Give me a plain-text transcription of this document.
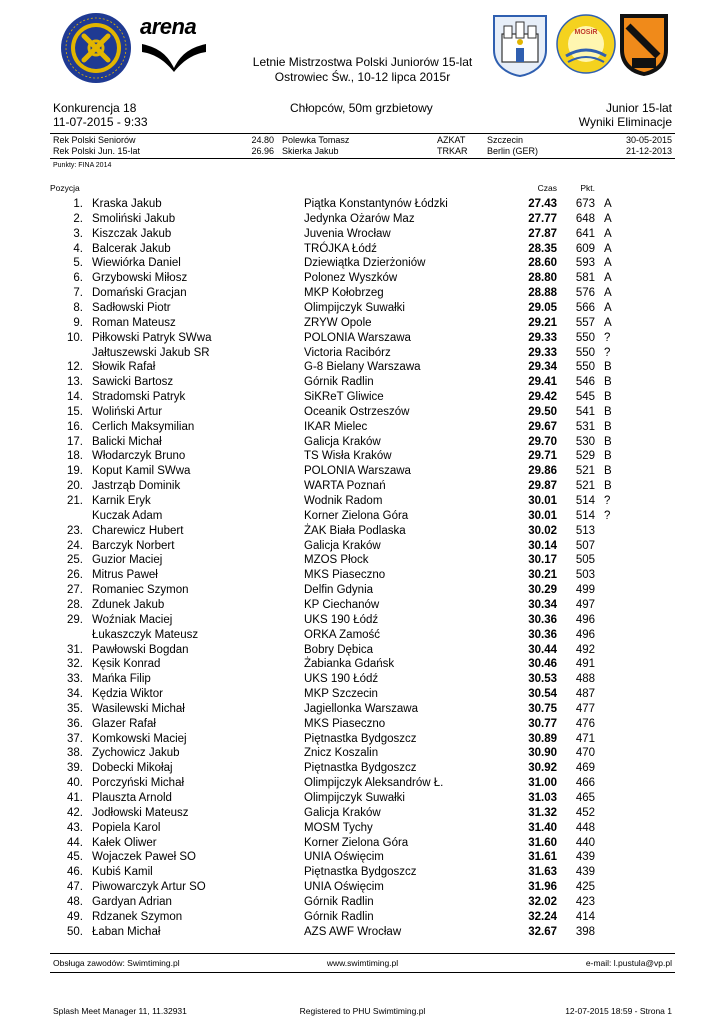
arena	MOSiR
Letnie Mistrzostwa Polski Juniorów 15-lat
Ostrowiec Św., 10-12 lipca 2015r
Konkurencja 18
11-07-2015 - 9:33
Chłopców, 50m grzbietowy	Junior 15-lat
Wyniki Eliminacje
Rek Polski Seniorów	24.80 Polewka Tomasz	AZKAT Szczecin	30-05-2015
Rek Polski Jun. 15-lat	26.96 Skierka Jakub	TRKAR Berlin (GER)	21-12-2013
Punkty: FINA 2014
Pozycja	Czas	Pkt.
1. Kraska Jakub	Piątka Konstantynów Łódzki	27.43	673 A
2. Smoliński Jakub	Jedynka Ożarów Maz	27.77	648 A
3. Kiszczak Jakub	Juvenia Wrocław	27.87	641 A
4. Balcerak Jakub	TRÓJKA Łódź	28.35	609 A
5. Wiewiórka Daniel	Dziewiątka Dzierżoniów	28.60	593 A
6. Grzybowski Miłosz	Polonez Wyszków	28.80	581 A
7. Domański Gracjan	MKP Kołobrzeg	28.88	576 A
8. Sadłowski Piotr	Olimpijczyk Suwałki	29.05	566 A
9. Roman Mateusz	ZRYW Opole	29.21	557 A
10. Piłkowski Patryk SWwa	POLONIA Warszawa	29.33	550 ?
Jałtuszewski Jakub SR	Victoria Racibórz	29.33	550 ?
12. Słowik Rafał	G-8 Bielany Warszawa	29.34	550 B
13. Sawicki Bartosz	Górnik Radlin	29.41	546 B
14. Stradomski Patryk	SiKReT Gliwice	29.42	545 B
15. Woliński Artur	Oceanik Ostrzeszów	29.50	541 B
16. Cerlich Maksymilian	IKAR Mielec	29.67	531 B
17. Balicki Michał	Galicja Kraków	29.70	530 B
18. Włodarczyk Bruno	TS Wisła Kraków	29.71	529 B
19. Koput Kamil SWwa	POLONIA Warszawa	29.86	521 B
20. Jastrząb Dominik	WARTA Poznań	29.87	521 B
21. Karnik Eryk	Wodnik Radom	30.01	514 ?
Kuczak Adam	Korner Zielona Góra	30.01	514 ?
23. Charewicz Hubert	ŻAK Biała Podlaska	30.02	513
24. Barczyk Norbert	Galicja Kraków	30.14	507
25. Guzior Maciej	MZOS Płock	30.17	505
26. Mitrus Paweł	MKS Piaseczno	30.21	503
27. Romaniec Szymon	Delfin Gdynia	30.29	499
28. Zdunek Jakub	KP Ciechanów	30.34	497
29. Woźniak Maciej	UKS 190 Łódź	30.36	496
Łukaszczyk Mateusz	ORKA Zamość	30.36	496
31. Pawłowski Bogdan	Bobry Dębica	30.44	492
32. Kęsik Konrad	Żabianka Gdańsk	30.46	491
33. Mańka Filip	UKS 190 Łódź	30.53	488
34. Kędzia Wiktor	MKP Szczecin	30.54	487
35. Wasilewski Michał	Jagiellonka Warszawa	30.75	477
36. Glazer Rafał	MKS Piaseczno	30.77	476
37. Komkowski Maciej	Piętnastka Bydgoszcz	30.89	471
38. Zychowicz Jakub	Znicz Koszalin	30.90	470
39. Dobecki Mikołaj	Piętnastka Bydgoszcz	30.92	469
40. Porczyński Michał	Olimpijczyk Aleksandrów Ł.	31.00	466
41. Plauszta Arnold	Olimpijczyk Suwałki	31.03	465
42. Jodłowski Mateusz	Galicja Kraków	31.32	452
43. Popiela Karol	MOSM Tychy	31.40	448
44. Kałek Oliwer	Korner Zielona Góra	31.60	440
45. Wojaczek Paweł SO	UNIA Oświęcim	31.61	439
46. Kubiś Kamil	Piętnastka Bydgoszcz	31.63	439
47. Piwowarczyk Artur SO	UNIA Oświęcim	31.96	425
48. Gardyan Adrian	Górnik Radlin	32.02	423
49. Rdzanek Szymon	Górnik Radlin	32.24	414
50. Łaban Michał	AZS AWF Wrocław	32.67	398
Obsługa zawodów: Swimtiming.pl	www.swimtiming.pl	e-mail: l.pustula@vp.pl
Splash Meet Manager 11, 11.32931	Registered to PHU Swimtiming.pl	12-07-2015 18:59 - Strona 1
